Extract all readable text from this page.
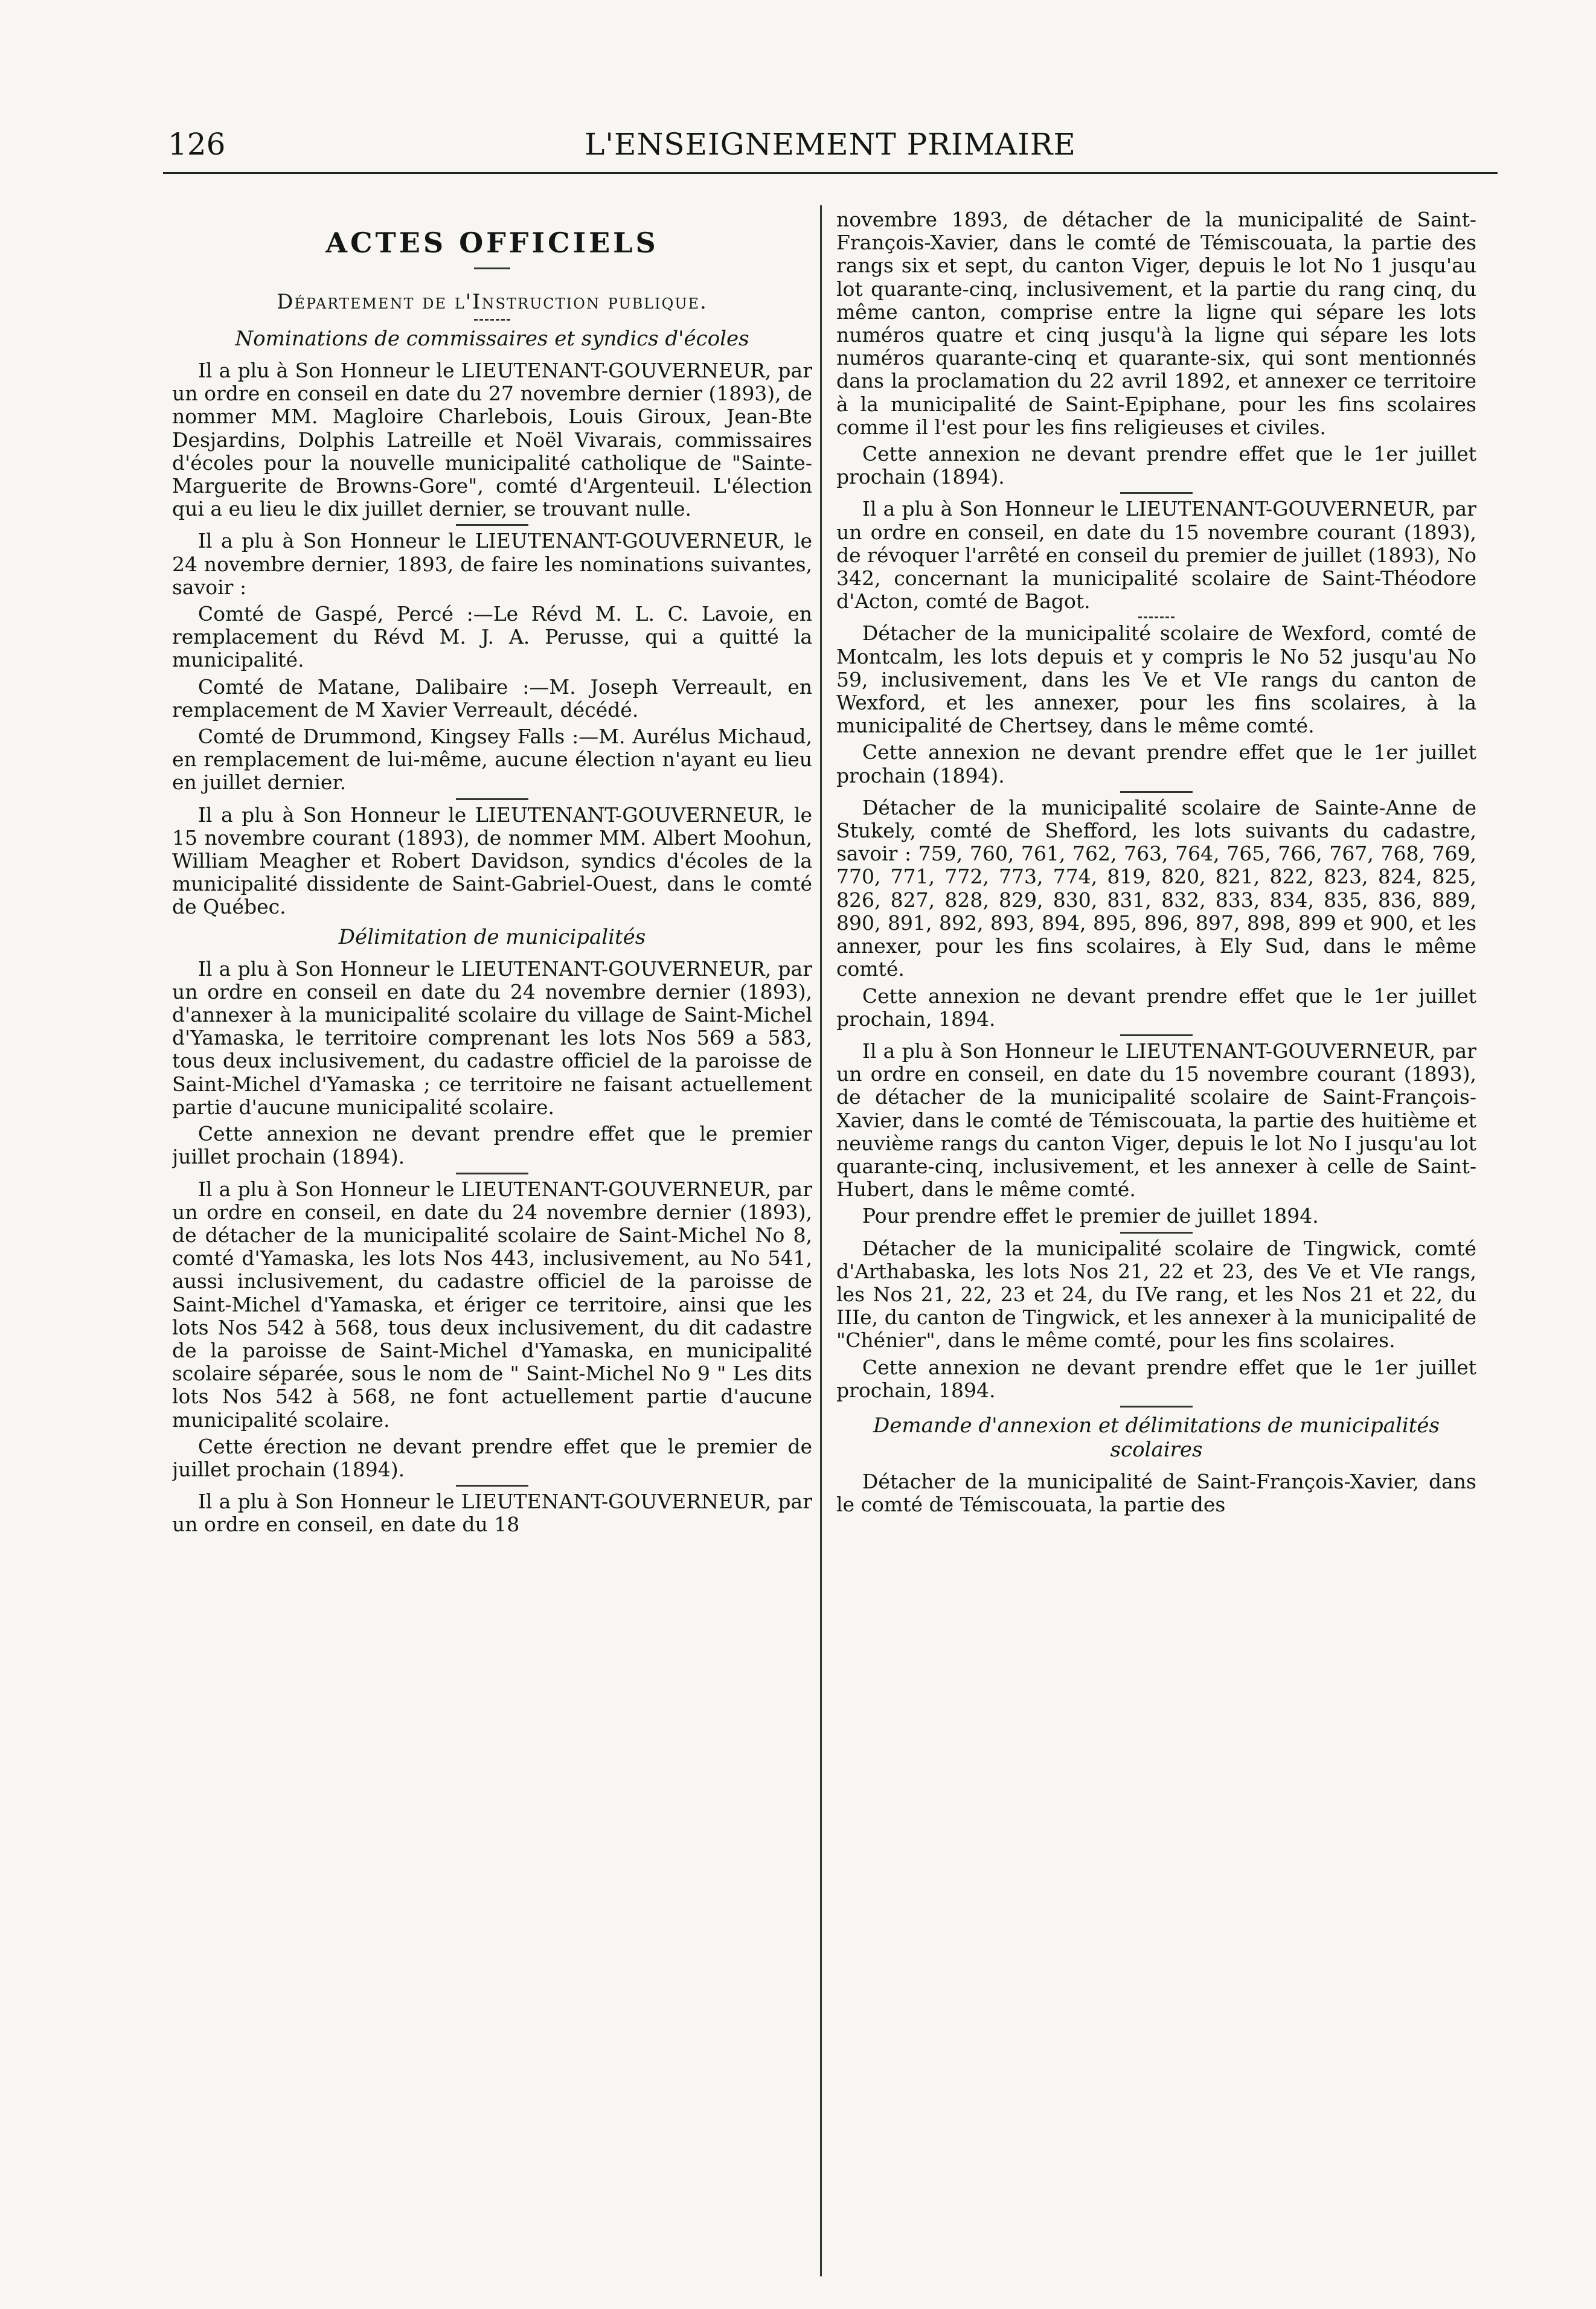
126	L'ENSEIGNEMENT PRIMAIRE
ACTES OFFICIELS
Département de l'Instruction publique.
Nominations de commissaires et syndics d'écoles

Il a plu à Son Honneur le LIEUTENANT-GOUVERNEUR, par un ordre en conseil en date du 27 novembre dernier (1893), de nommer MM. Magloire Charlebois, Louis Giroux, Jean-Bte Desjardins, Dolphis Latreille et Noël Vivarais, commissaires d'écoles pour la nouvelle municipalité catholique de "Sainte-Marguerite de Browns-Gore", comté d'Argenteuil. L'élection qui a eu lieu le dix juillet dernier, se trouvant nulle.

Il a plu à Son Honneur le LIEUTENANT-GOUVERNEUR, le 24 novembre dernier, 1893, de faire les nominations suivantes, savoir :

Comté de Gaspé, Percé :—Le Révd M. L. C. Lavoie, en remplacement du Révd M. J. A. Perusse, qui a quitté la municipalité.

Comté de Matane, Dalibaire :—M. Joseph Verreault, en remplacement de M Xavier Verreault, décédé.

Comté de Drummond, Kingsey Falls :—M. Aurélus Michaud, en remplacement de lui-même, aucune élection n'ayant eu lieu en juillet dernier.

Il a plu à Son Honneur le LIEUTENANT-GOUVERNEUR, le 15 novembre courant (1893), de nommer MM. Albert Moohun, William Meagher et Robert Davidson, syndics d'écoles de la municipalité dissidente de Saint-Gabriel-Ouest, dans le comté de Québec.

Délimitation de municipalités

Il a plu à Son Honneur le LIEUTENANT-GOUVERNEUR, par un ordre en conseil en date du 24 novembre dernier (1893), d'annexer à la municipalité scolaire du village de Saint-Michel d'Yamaska, le territoire comprenant les lots Nos 569 a 583, tous deux inclusivement, du cadastre officiel de la paroisse de Saint-Michel d'Yamaska ; ce territoire ne faisant actuellement partie d'aucune municipalité scolaire.

Cette annexion ne devant prendre effet que le premier juillet prochain (1894).

Il a plu à Son Honneur le LIEUTENANT-GOUVERNEUR, par un ordre en conseil, en date du 24 novembre dernier (1893), de détacher de la municipalité scolaire de Saint-Michel No 8, comté d'Yamaska, les lots Nos 443, inclusivement, au No 541, aussi inclusivement, du cadastre officiel de la paroisse de Saint-Michel d'Yamaska, et ériger ce territoire, ainsi que les lots Nos 542 à 568, tous deux inclusivement, du dit cadastre de la paroisse de Saint-Michel d'Yamaska, en municipalité scolaire séparée, sous le nom de " Saint-Michel No 9 " Les dits lots Nos 542 à 568, ne font actuellement partie d'aucune municipalité scolaire.

Cette érection ne devant prendre effet que le premier de juillet prochain (1894).

Il a plu à Son Honneur le LIEUTENANT-GOUVERNEUR, par un ordre en conseil, en date du 18

novembre 1893, de détacher de la municipalité de Saint-François-Xavier, dans le comté de Témiscouata, la partie des rangs six et sept, du canton Viger, depuis le lot No 1 jusqu'au lot quarante-cinq, inclusivement, et la partie du rang cinq, du même canton, comprise entre la ligne qui sépare les lots numéros quatre et cinq jusqu'à la ligne qui sépare les lots numéros quarante-cinq et quarante-six, qui sont mentionnés dans la proclamation du 22 avril 1892, et annexer ce territoire à la municipalité de Saint-Epiphane, pour les fins scolaires comme il l'est pour les fins religieuses et civiles.

Cette annexion ne devant prendre effet que le 1er juillet prochain (1894).

Il a plu à Son Honneur le LIEUTENANT-GOUVERNEUR, par un ordre en conseil, en date du 15 novembre courant (1893), de révoquer l'arrêté en conseil du premier de juillet (1893), No 342, concernant la municipalité scolaire de Saint-Théodore d'Acton, comté de Bagot.

Détacher de la municipalité scolaire de Wexford, comté de Montcalm, les lots depuis et y compris le No 52 jusqu'au No 59, inclusivement, dans les Ve et VIe rangs du canton de Wexford, et les annexer, pour les fins scolaires, à la municipalité de Chertsey, dans le même comté.

Cette annexion ne devant prendre effet que le 1er juillet prochain (1894).

Détacher de la municipalité scolaire de Sainte-Anne de Stukely, comté de Shefford, les lots suivants du cadastre, savoir : 759, 760, 761, 762, 763, 764, 765, 766, 767, 768, 769, 770, 771, 772, 773, 774, 819, 820, 821, 822, 823, 824, 825, 826, 827, 828, 829, 830, 831, 832, 833, 834, 835, 836, 889, 890, 891, 892, 893, 894, 895, 896, 897, 898, 899 et 900, et les annexer, pour les fins scolaires, à Ely Sud, dans le même comté.

Cette annexion ne devant prendre effet que le 1er juillet prochain, 1894.

Il a plu à Son Honneur le LIEUTENANT-GOUVERNEUR, par un ordre en conseil, en date du 15 novembre courant (1893), de détacher de la municipalité scolaire de Saint-François-Xavier, dans le comté de Témiscouata, la partie des huitième et neuvième rangs du canton Viger, depuis le lot No I jusqu'au lot quarante-cinq, inclusivement, et les annexer à celle de Saint-Hubert, dans le même comté.

Pour prendre effet le premier de juillet 1894.

Détacher de la municipalité scolaire de Tingwick, comté d'Arthabaska, les lots Nos 21, 22 et 23, des Ve et VIe rangs, les Nos 21, 22, 23 et 24, du IVe rang, et les Nos 21 et 22, du IIIe, du canton de Tingwick, et les annexer à la municipalité de "Chénier", dans le même comté, pour les fins scolaires.

Cette annexion ne devant prendre effet que le 1er juillet prochain, 1894.

Demande d'annexion et délimitations de municipalités scolaires

Détacher de la municipalité de Saint-François-Xavier, dans le comté de Témiscouata, la partie des
